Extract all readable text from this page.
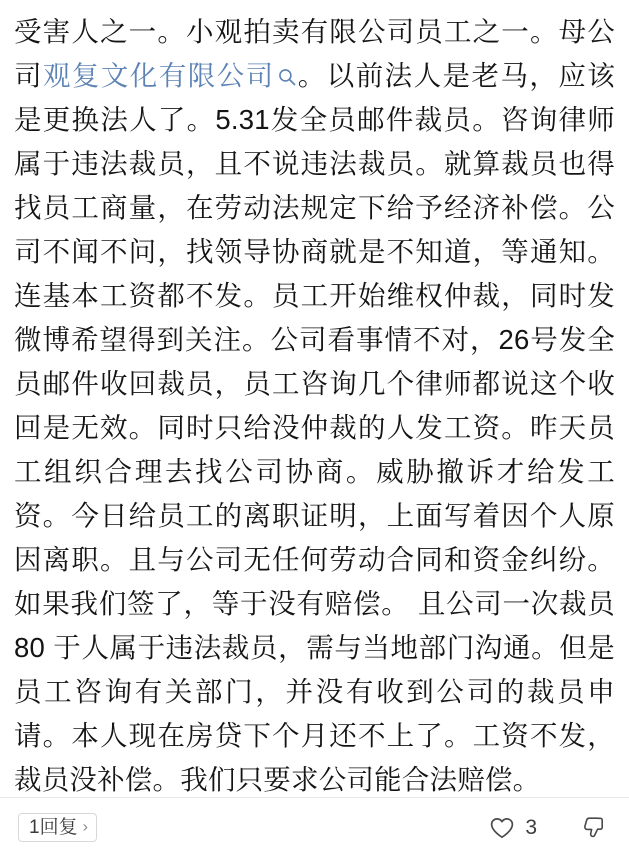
受害人之一。小观拍卖有限公司员工之一。母公司观复文化有限公司 。以前法人是老马，应该是更换法人了。5.31发全员邮件裁员。咨询律师属于违法裁员，且不说违法裁员。就算裁员也得找员工商量，在劳动法规定下给予经济补偿。公司不闻不问，找领导协商就是不知道，等通知。连基本工资都不发。员工开始维权仲裁，同时发微博希望得到关注。公司看事情不对，26号发全员邮件收回裁员，员工咨询几个律师都说这个收回是无效。同时只给没仲裁的人发工资。昨天员工组织合理去找公司协商。威胁撤诉才给发工资。今日给员工的离职证明，上面写着因个人原因离职。且与公司无任何劳动合同和资金纠纷。如果我们签了，等于没有赔偿。 且公司一次裁员 80 于人属于违法裁员，需与当地部门沟通。但是员工咨询有关部门，并没有收到公司的裁员申请。本人现在房贷下个月还不上了。工资不发，裁员没补偿。我们只要求公司能合法赔偿。

1回复 ›	3
